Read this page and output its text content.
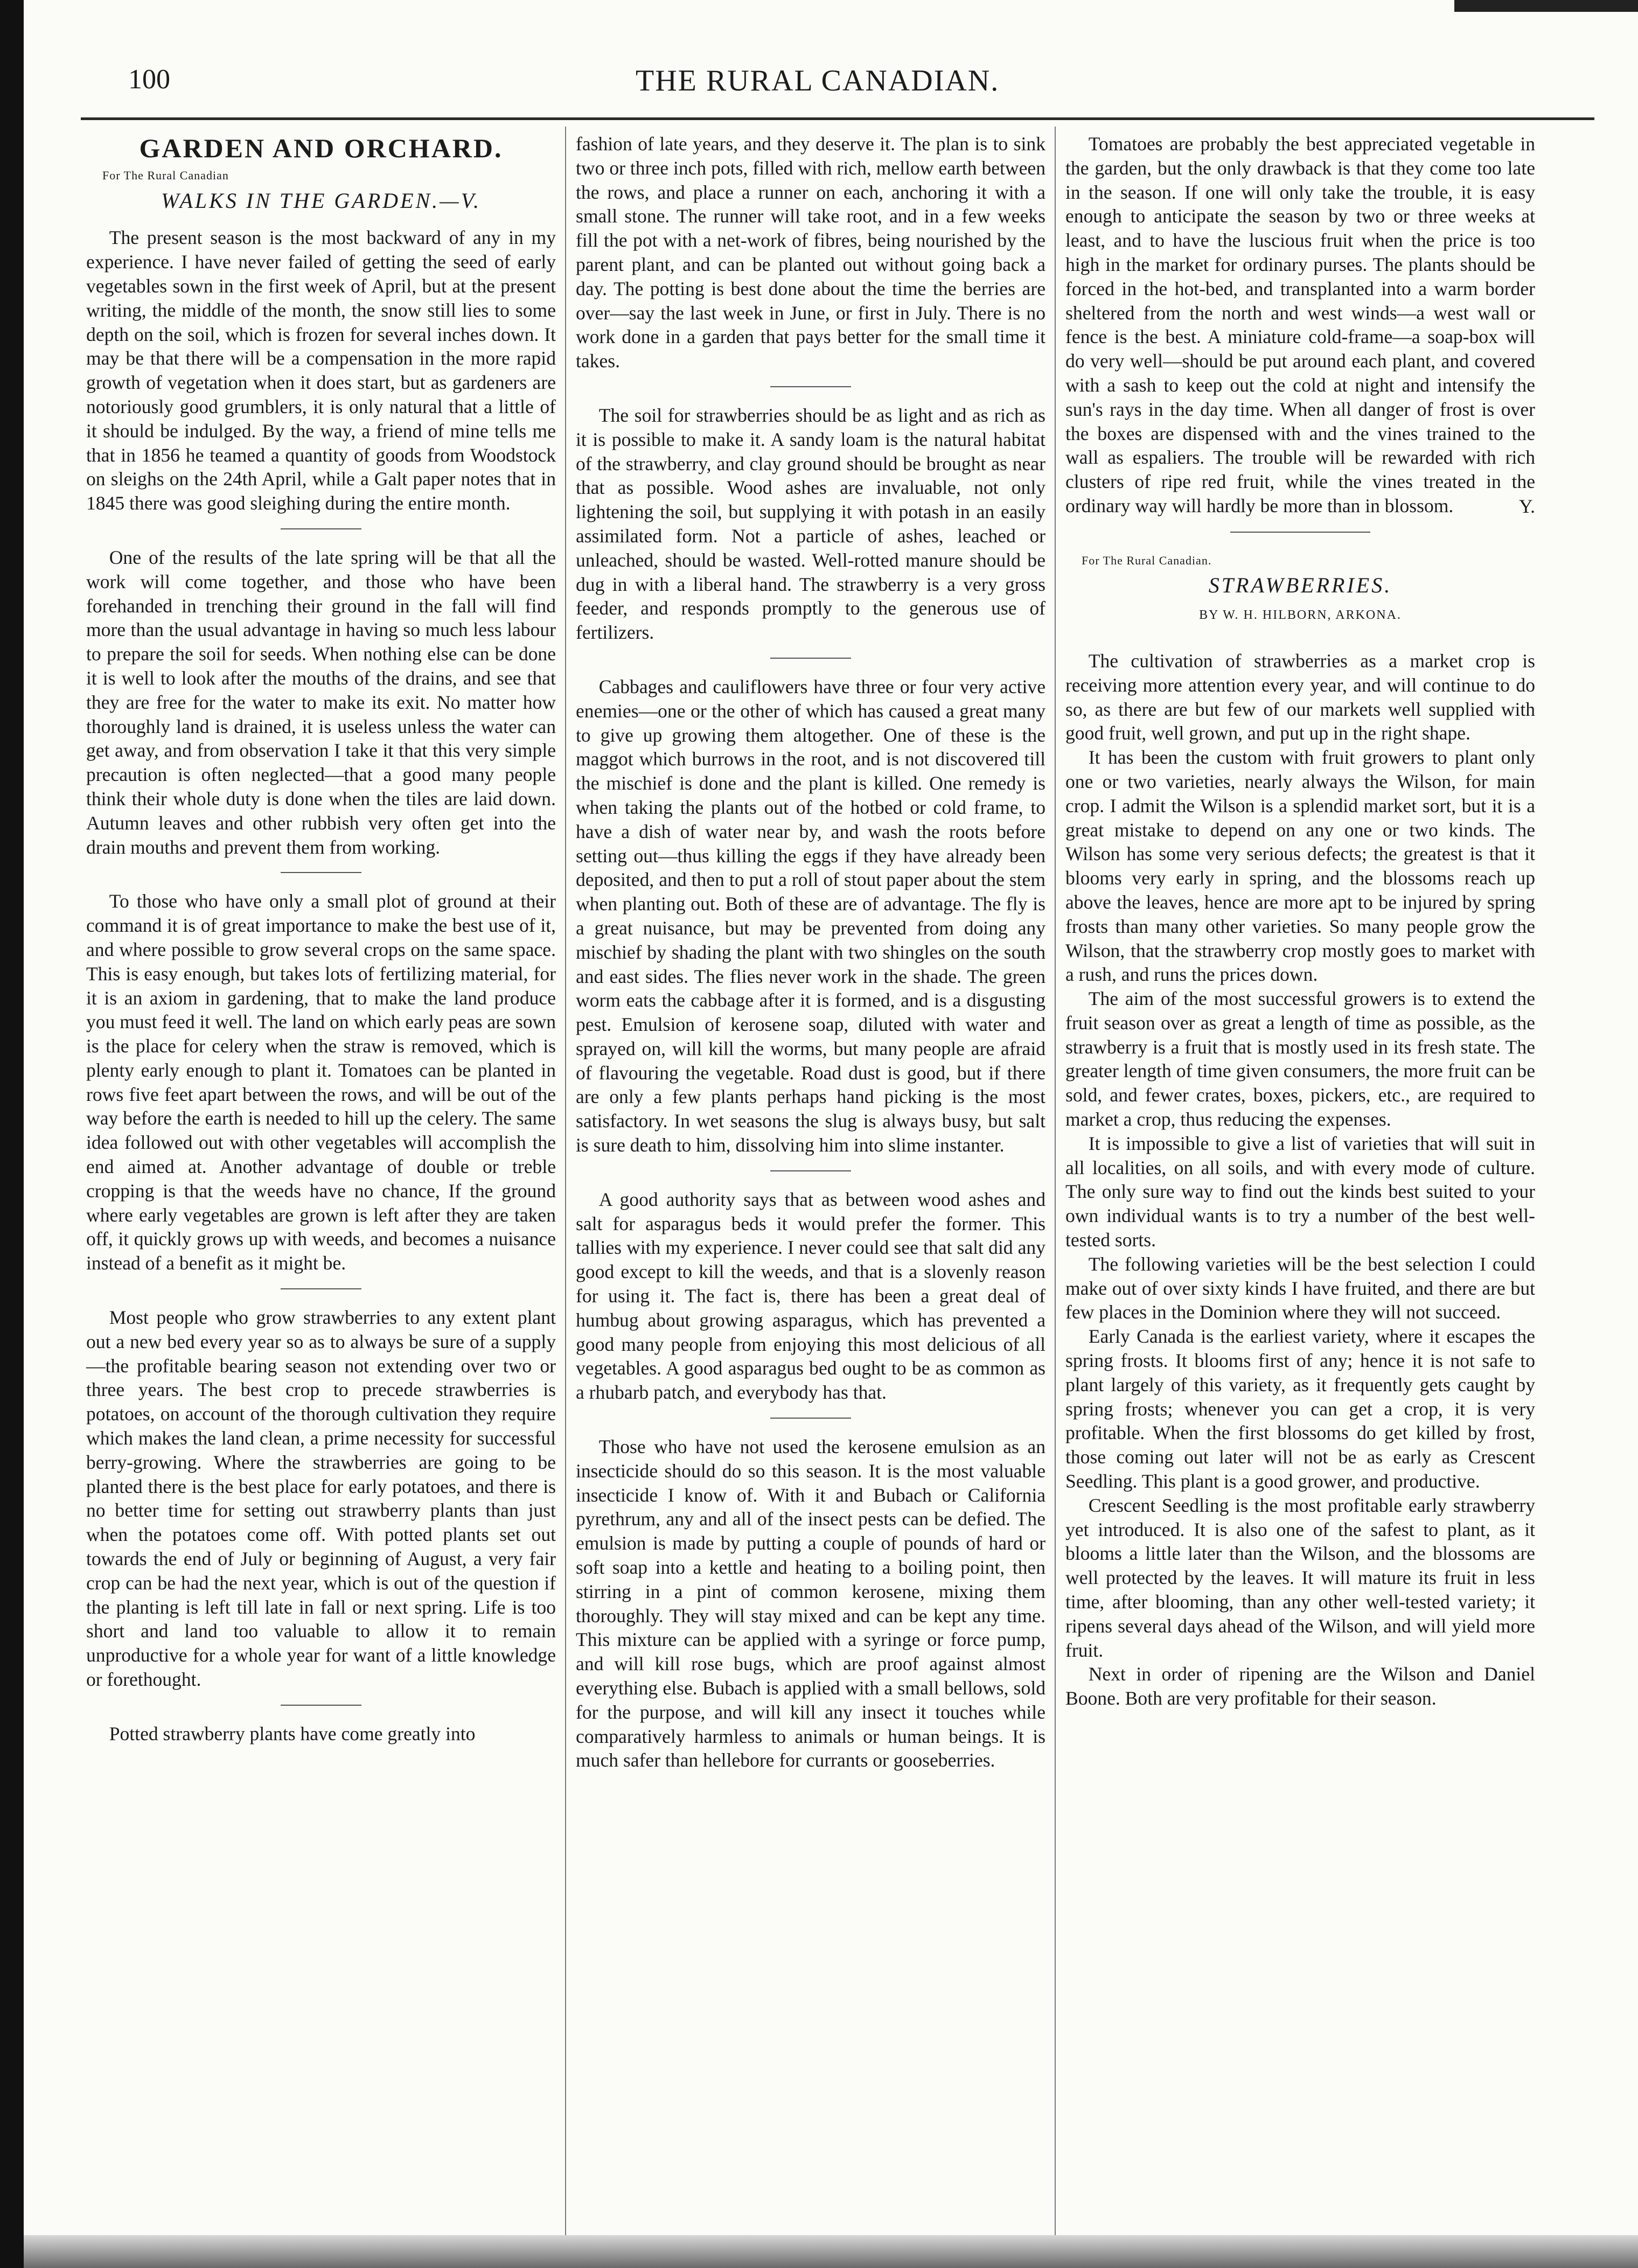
100	THE RURAL CANADIAN.
GARDEN AND ORCHARD.

For The Rural Canadian

WALKS IN THE GARDEN.—V.

The present season is the most backward of any in my experience. I have never failed of getting the seed of early vegetables sown in the first week of April, but at the present writing, the middle of the month, the snow still lies to some depth on the soil, which is frozen for several inches down. It may be that there will be a compensation in the more rapid growth of vegetation when it does start, but as gardeners are notoriously good grumblers, it is only natural that a little of it should be indulged. By the way, a friend of mine tells me that in 1856 he teamed a quantity of goods from Woodstock on sleighs on the 24th April, while a Galt paper notes that in 1845 there was good sleighing during the entire month.

One of the results of the late spring will be that all the work will come together, and those who have been forehanded in trenching their ground in the fall will find more than the usual advantage in having so much less labour to prepare the soil for seeds. When nothing else can be done it is well to look after the mouths of the drains, and see that they are free for the water to make its exit. No matter how thoroughly land is drained, it is useless unless the water can get away, and from observation I take it that this very simple precaution is often neglected—that a good many people think their whole duty is done when the tiles are laid down. Autumn leaves and other rubbish very often get into the drain mouths and prevent them from working.

To those who have only a small plot of ground at their command it is of great importance to make the best use of it, and where possible to grow several crops on the same space. This is easy enough, but takes lots of fertilizing material, for it is an axiom in gardening, that to make the land produce you must feed it well. The land on which early peas are sown is the place for celery when the straw is removed, which is plenty early enough to plant it. Tomatoes can be planted in rows five feet apart between the rows, and will be out of the way before the earth is needed to hill up the celery. The same idea followed out with other vegetables will accomplish the end aimed at. Another advantage of double or treble cropping is that the weeds have no chance, If the ground where early vegetables are grown is left after they are taken off, it quickly grows up with weeds, and becomes a nuisance instead of a benefit as it might be.

Most people who grow strawberries to any extent plant out a new bed every year so as to always be sure of a supply—the profitable bearing season not extending over two or three years. The best crop to precede strawberries is potatoes, on account of the thorough cultivation they require which makes the land clean, a prime necessity for successful berry-growing. Where the strawberries are going to be planted there is the best place for early potatoes, and there is no better time for setting out strawberry plants than just when the potatoes come off. With potted plants set out towards the end of July or beginning of August, a very fair crop can be had the next year, which is out of the question if the planting is left till late in fall or next spring. Life is too short and land too valuable to allow it to remain unproductive for a whole year for want of a little knowledge or forethought.

Potted strawberry plants have come greatly into

fashion of late years, and they deserve it. The plan is to sink two or three inch pots, filled with rich, mellow earth between the rows, and place a runner on each, anchoring it with a small stone. The runner will take root, and in a few weeks fill the pot with a net-work of fibres, being nourished by the parent plant, and can be planted out without going back a day. The potting is best done about the time the berries are over—say the last week in June, or first in July. There is no work done in a garden that pays better for the small time it takes.

The soil for strawberries should be as light and as rich as it is possible to make it. A sandy loam is the natural habitat of the strawberry, and clay ground should be brought as near that as possible. Wood ashes are invaluable, not only lightening the soil, but supplying it with potash in an easily assimilated form. Not a particle of ashes, leached or unleached, should be wasted. Well-rotted manure should be dug in with a liberal hand. The strawberry is a very gross feeder, and responds promptly to the generous use of fertilizers.

Cabbages and cauliflowers have three or four very active enemies—one or the other of which has caused a great many to give up growing them altogether. One of these is the maggot which burrows in the root, and is not discovered till the mischief is done and the plant is killed. One remedy is when taking the plants out of the hotbed or cold frame, to have a dish of water near by, and wash the roots before setting out—thus killing the eggs if they have already been deposited, and then to put a roll of stout paper about the stem when planting out. Both of these are of advantage. The fly is a great nuisance, but may be prevented from doing any mischief by shading the plant with two shingles on the south and east sides. The flies never work in the shade. The green worm eats the cabbage after it is formed, and is a disgusting pest. Emulsion of kerosene soap, diluted with water and sprayed on, will kill the worms, but many people are afraid of flavouring the vegetable. Road dust is good, but if there are only a few plants perhaps hand picking is the most satisfactory. In wet seasons the slug is always busy, but salt is sure death to him, dissolving him into slime instanter.

A good authority says that as between wood ashes and salt for asparagus beds it would prefer the former. This tallies with my experience. I never could see that salt did any good except to kill the weeds, and that is a slovenly reason for using it. The fact is, there has been a great deal of humbug about growing asparagus, which has prevented a good many people from enjoying this most delicious of all vegetables. A good asparagus bed ought to be as common as a rhubarb patch, and everybody has that.

Those who have not used the kerosene emulsion as an insecticide should do so this season. It is the most valuable insecticide I know of. With it and Bubach or California pyrethrum, any and all of the insect pests can be defied. The emulsion is made by putting a couple of pounds of hard or soft soap into a kettle and heating to a boiling point, then stirring in a pint of common kerosene, mixing them thoroughly. They will stay mixed and can be kept any time. This mixture can be applied with a syringe or force pump, and will kill rose bugs, which are proof against almost everything else. Bubach is applied with a small bellows, sold for the purpose, and will kill any insect it touches while comparatively harmless to animals or human beings. It is much safer than hellebore for currants or gooseberries.

Tomatoes are probably the best appreciated vegetable in the garden, but the only drawback is that they come too late in the season. If one will only take the trouble, it is easy enough to anticipate the season by two or three weeks at least, and to have the luscious fruit when the price is too high in the market for ordinary purses. The plants should be forced in the hot-bed, and transplanted into a warm border sheltered from the north and west winds—a west wall or fence is the best. A miniature cold-frame—a soap-box will do very well—should be put around each plant, and covered with a sash to keep out the cold at night and intensify the sun's rays in the day time. When all danger of frost is over the boxes are dispensed with and the vines trained to the wall as espaliers. The trouble will be rewarded with rich clusters of ripe red fruit, while the vines treated in the ordinary way will hardly be more than in blossom.	Y.

For The Rural Canadian.

STRAWBERRIES.
BY W. H. HILBORN, ARKONA.

The cultivation of strawberries as a market crop is receiving more attention every year, and will continue to do so, as there are but few of our markets well supplied with good fruit, well grown, and put up in the right shape.

It has been the custom with fruit growers to plant only one or two varieties, nearly always the Wilson, for main crop. I admit the Wilson is a splendid market sort, but it is a great mistake to depend on any one or two kinds. The Wilson has some very serious defects; the greatest is that it blooms very early in spring, and the blossoms reach up above the leaves, hence are more apt to be injured by spring frosts than many other varieties. So many people grow the Wilson, that the strawberry crop mostly goes to market with a rush, and runs the prices down.

The aim of the most successful growers is to extend the fruit season over as great a length of time as possible, as the strawberry is a fruit that is mostly used in its fresh state. The greater length of time given consumers, the more fruit can be sold, and fewer crates, boxes, pickers, etc., are required to market a crop, thus reducing the expenses.

It is impossible to give a list of varieties that will suit in all localities, on all soils, and with every mode of culture. The only sure way to find out the kinds best suited to your own individual wants is to try a number of the best well-tested sorts.

The following varieties will be the best selection I could make out of over sixty kinds I have fruited, and there are but few places in the Dominion where they will not succeed.

Early Canada is the earliest variety, where it escapes the spring frosts. It blooms first of any; hence it is not safe to plant largely of this variety, as it frequently gets caught by spring frosts; whenever you can get a crop, it is very profitable. When the first blossoms do get killed by frost, those coming out later will not be as early as Crescent Seedling. This plant is a good grower, and productive.

Crescent Seedling is the most profitable early strawberry yet introduced. It is also one of the safest to plant, as it blooms a little later than the Wilson, and the blossoms are well protected by the leaves. It will mature its fruit in less time, after blooming, than any other well-tested variety; it ripens several days ahead of the Wilson, and will yield more fruit.

Next in order of ripening are the Wilson and Daniel Boone. Both are very profitable for their season.
